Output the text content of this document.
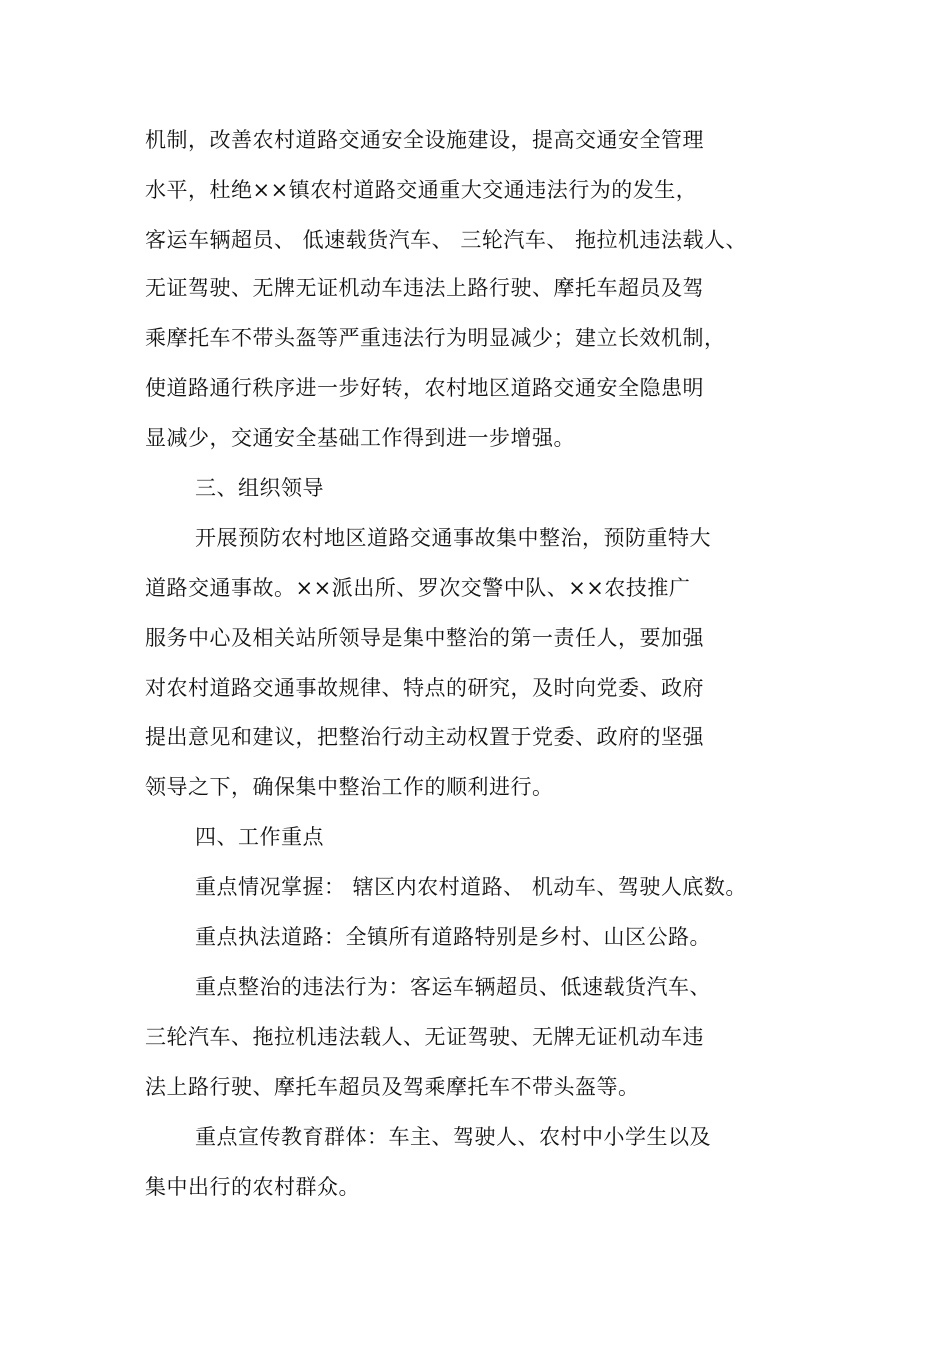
机制，改善农村道路交通安全设施建设，提高交通安全管理
水平，杜绝××镇农村道路交通重大交通违法行为的发生，
客运车辆超员、 低速载货汽车、 三轮汽车、 拖拉机违法载人、
无证驾驶、无牌无证机动车违法上路行驶、摩托车超员及驾
乘摩托车不带头盔等严重违法行为明显减少；建立长效机制，
使道路通行秩序进一步好转，农村地区道路交通安全隐患明
显减少，交通安全基础工作得到进一步增强。
三、组织领导
开展预防农村地区道路交通事故集中整治，预防重特大
道路交通事故。××派出所、罗次交警中队、××农技推广
服务中心及相关站所领导是集中整治的第一责任人，要加强
对农村道路交通事故规律、特点的研究，及时向党委、政府
提出意见和建议，把整治行动主动权置于党委、政府的坚强
领导之下，确保集中整治工作的顺利进行。
四、工作重点
重点情况掌握： 辖区内农村道路、 机动车、驾驶人底数。
重点执法道路：全镇所有道路特别是乡村、山区公路。
重点整治的违法行为：客运车辆超员、低速载货汽车、
三轮汽车、拖拉机违法载人、无证驾驶、无牌无证机动车违
法上路行驶、摩托车超员及驾乘摩托车不带头盔等。
重点宣传教育群体：车主、驾驶人、农村中小学生以及
集中出行的农村群众。
